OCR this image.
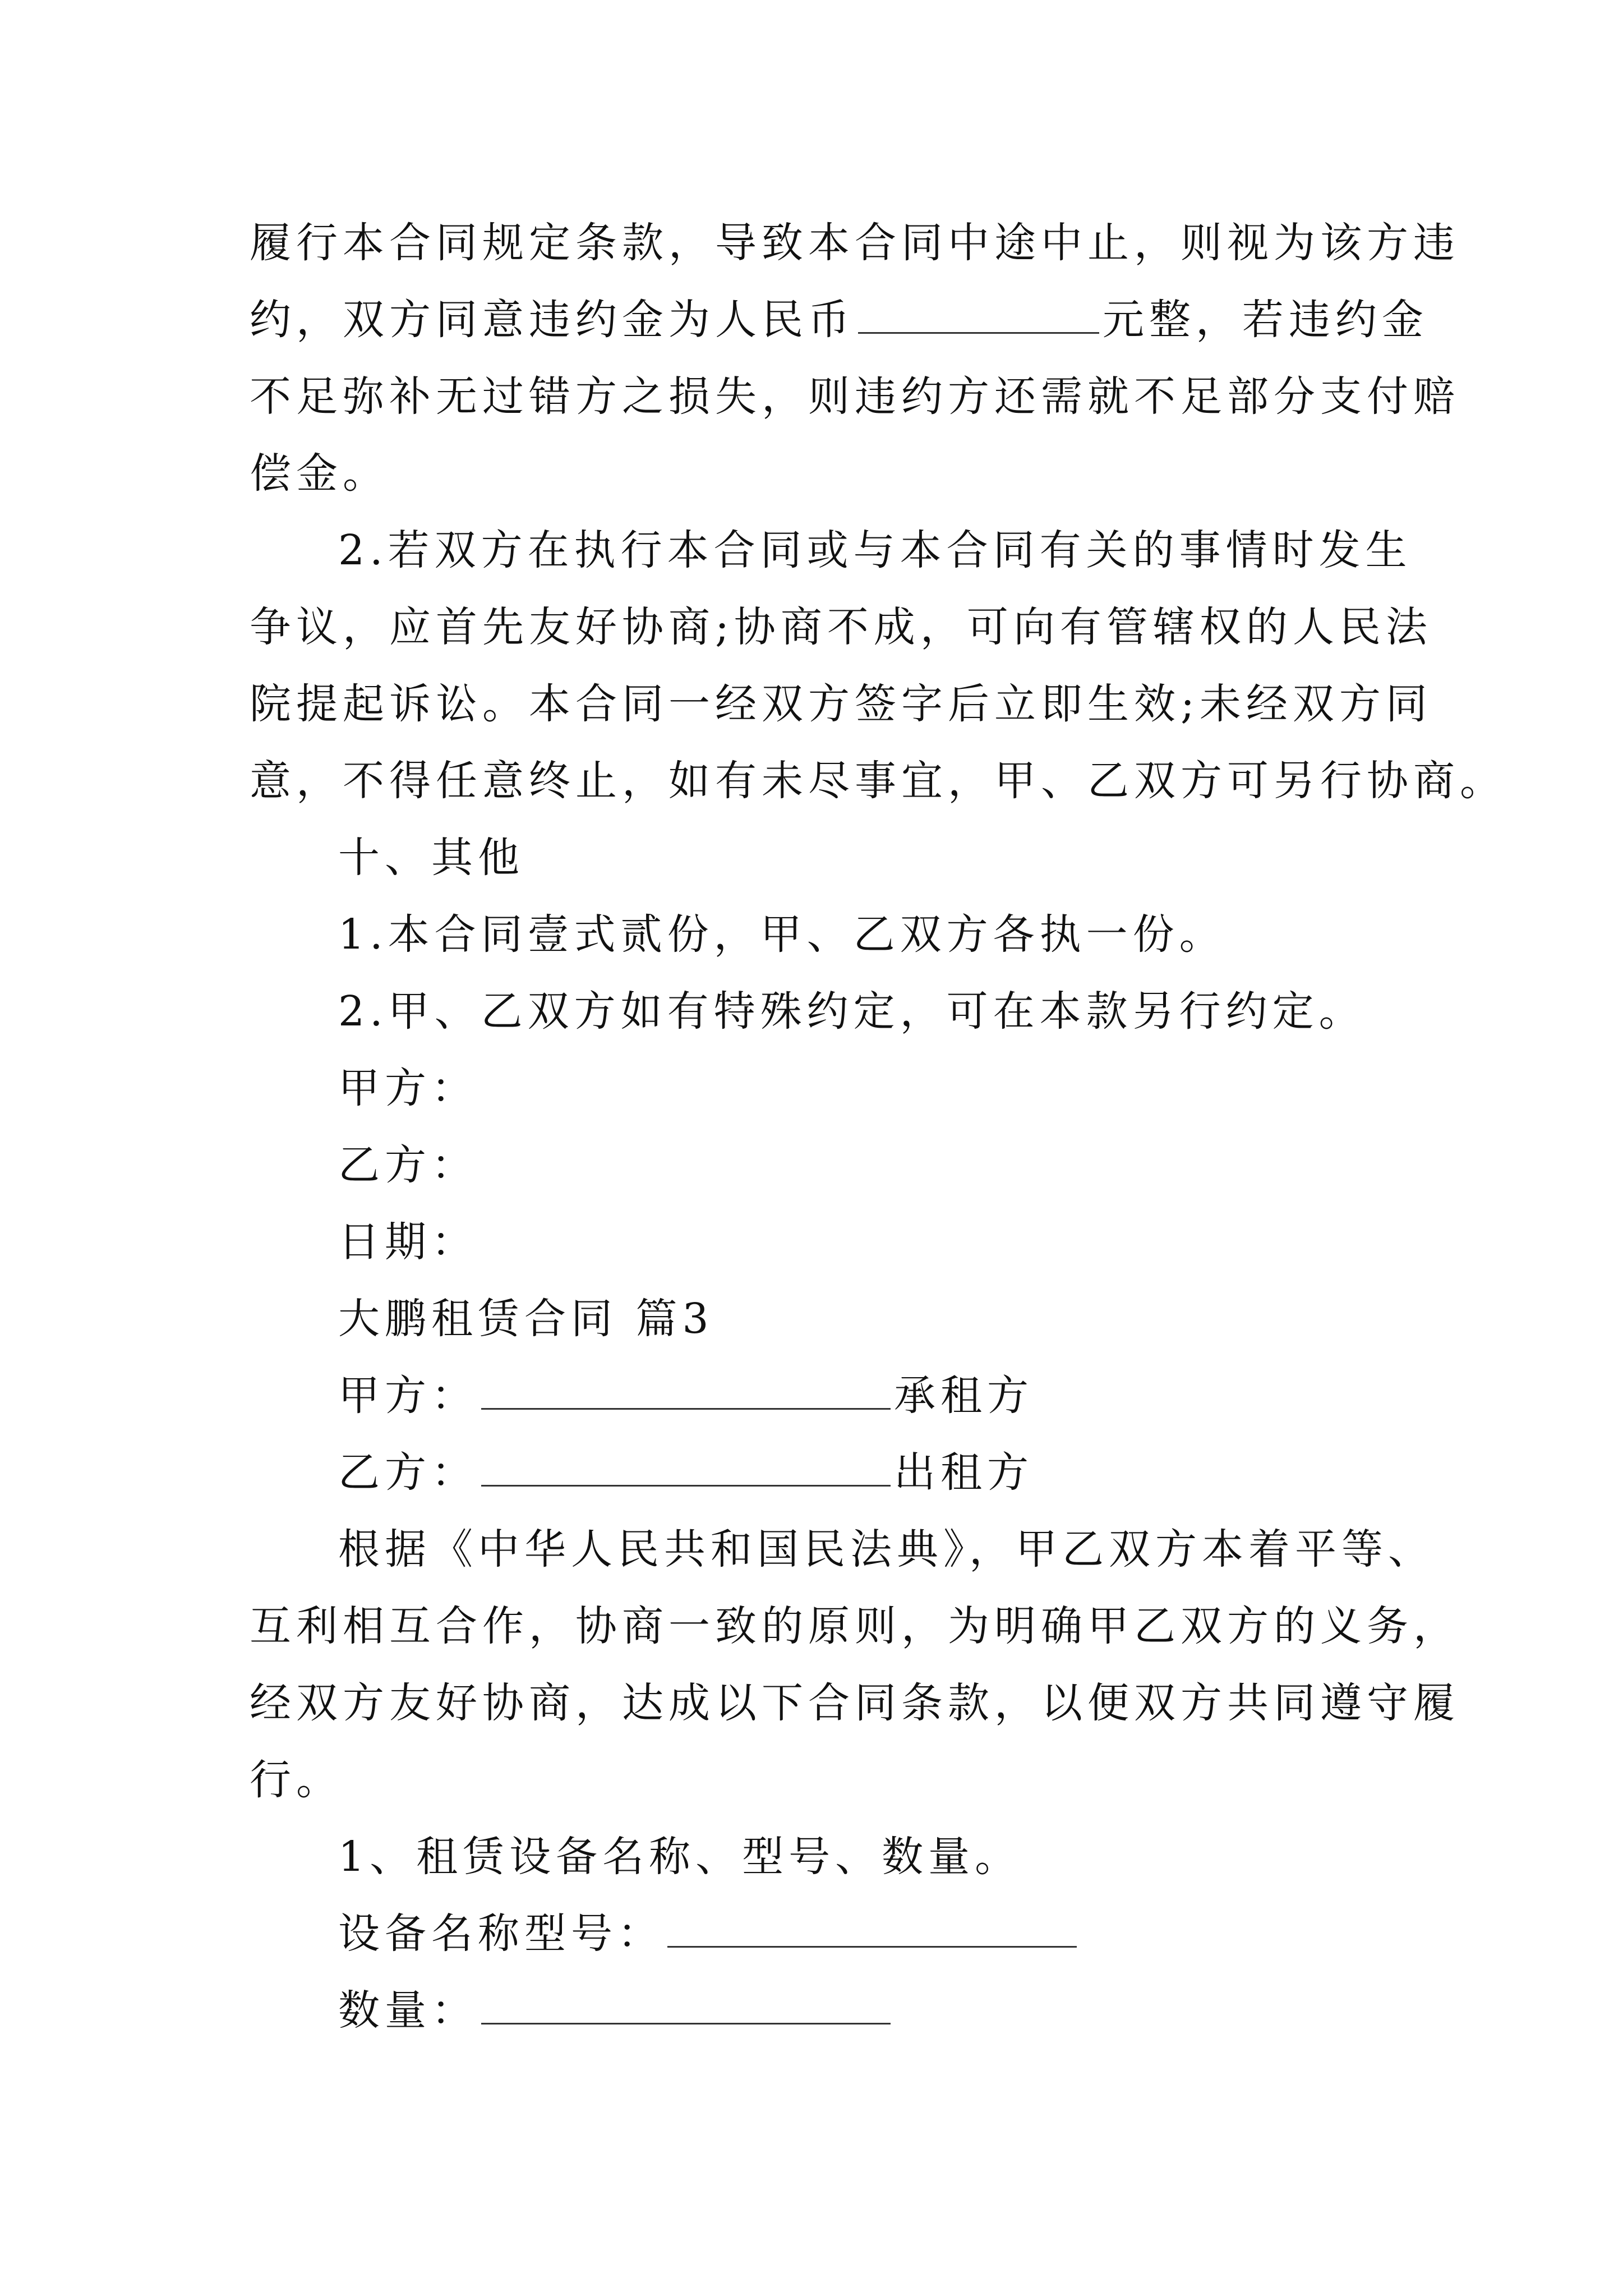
履行本合同规定条款，导致本合同中途中止，则视为该方违
约，双方同意违约金为人民币	元整，若违约金
不足弥补无过错方之损失，则违约方还需就不足部分支付赔
偿金。
2.若双方在执行本合同或与本合同有关的事情时发生
争议，应首先友好协商;协商不成，可向有管辖权的人民法
院提起诉讼。本合同一经双方签字后立即生效;未经双方同
意，不得任意终止，如有未尽事宜，甲、乙双方可另行协商。
十、其他
1.本合同壹式贰份，甲、乙双方各执一份。
2.甲、乙双方如有特殊约定，可在本款另行约定。
甲方：
乙方：
日期：
大鹏租赁合同 篇3
甲方：	承租方
乙方：	出租方
根据《中华人民共和国民法典》，甲乙双方本着平等、
互利相互合作，协商一致的原则，为明确甲乙双方的义务，
经双方友好协商，达成以下合同条款，以便双方共同遵守履
行。
1、租赁设备名称、型号、数量。
设备名称型号：
数量：
